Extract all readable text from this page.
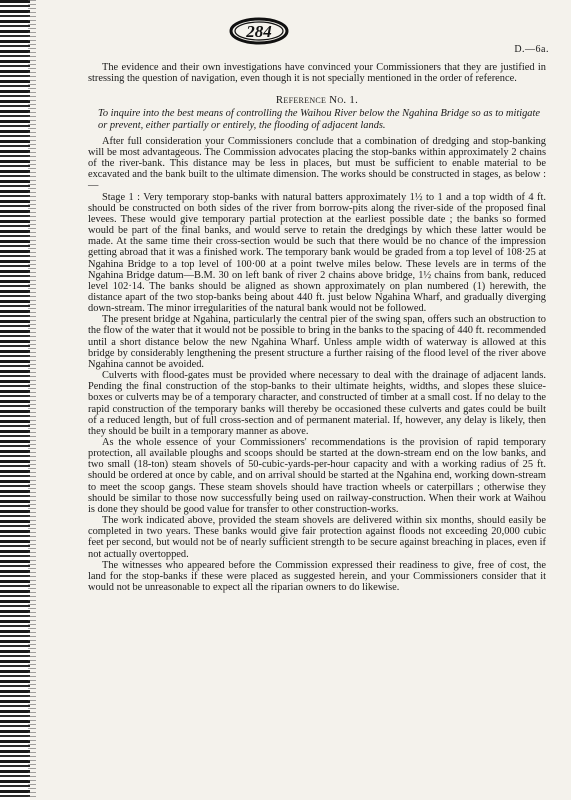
284
D.—6a.

The evidence and their own investigations have convinced your Commissioners that they are justified in stressing the question of navigation, even though it is not specially mentioned in the order of reference.

Reference No. 1.

To inquire into the best means of controlling the Waihou River below the Ngahina Bridge so as to mitigate or prevent, either partially or entirely, the flooding of adjacent lands.

After full consideration your Commissioners conclude that a combination of dredging and stop-banking will be most advantageous. The Commission advocates placing the stop-banks within approximately 2 chains of the river-bank. This distance may be less in places, but must be sufficient to enable material to be excavated and the bank built to the ultimate dimension. The works should be constructed in stages, as below :—

Stage 1 : Very temporary stop-banks with natural batters approximately 1½ to 1 and a top width of 4 ft. should be constructed on both sides of the river from borrow-pits along the river-side of the proposed final levees. These would give temporary partial protection at the earliest possible date ; the banks so formed would be part of the final banks, and would serve to retain the dredgings by which these latter would be made. At the same time their cross-section would be such that there would be no chance of the impression getting abroad that it was a finished work. The temporary bank would be graded from a top level of 108·25 at Ngahina Bridge to a top level of 100·00 at a point twelve miles below. These levels are in terms of the Ngahina Bridge datum—B.M. 30 on left bank of river 2 chains above bridge, 1½ chains from bank, reduced level 102·14. The banks should be aligned as shown approximately on plan numbered (1) herewith, the distance apart of the two stop-banks being about 440 ft. just below Ngahina Wharf, and gradually diverging down-stream. The minor irregularities of the natural bank would not be followed.

The present bridge at Ngahina, particularly the central pier of the swing span, offers such an obstruction to the flow of the water that it would not be possible to bring in the banks to the spacing of 440 ft. recommended until a short distance below the new Ngahina Wharf. Unless ample width of waterway is allowed at this bridge by considerably lengthening the present structure a further raising of the flood level of the river above Ngahina cannot be avoided.

Culverts with flood-gates must be provided where necessary to deal with the drainage of adjacent lands. Pending the final construction of the stop-banks to their ultimate heights, widths, and slopes these sluice-boxes or culverts may be of a temporary character, and constructed of timber at a small cost. If no delay to the rapid construction of the temporary banks will thereby be occasioned these culverts and gates could be built of a reduced length, but of full cross-section and of permanent material. If, however, any delay is likely, then they should be built in a temporary manner as above.

As the whole essence of your Commissioners' recommendations is the provision of rapid temporary protection, all available ploughs and scoops should be started at the down-stream end on the low banks, and two small (18-ton) steam shovels of 50-cubic-yards-per-hour capacity and with a working radius of 25 ft. should be ordered at once by cable, and on arrival should be started at the Ngahina end, working down-stream to meet the scoop gangs. These steam shovels should have traction wheels or caterpillars ; otherwise they should be similar to those now successfully being used on railway-construction. When their work at Waihou is done they should be good value for transfer to other construction-works.

The work indicated above, provided the steam shovels are delivered within six months, should easily be completed in two years. These banks would give fair protection against floods not exceeding 20,000 cubic feet per second, but would not be of nearly sufficient strength to be secure against breaching in places, even if not actually overtopped.

The witnesses who appeared before the Commission expressed their readiness to give, free of cost, the land for the stop-banks if these were placed as suggested herein, and your Commissioners consider that it would not be unreasonable to expect all the riparian owners to do likewise.
